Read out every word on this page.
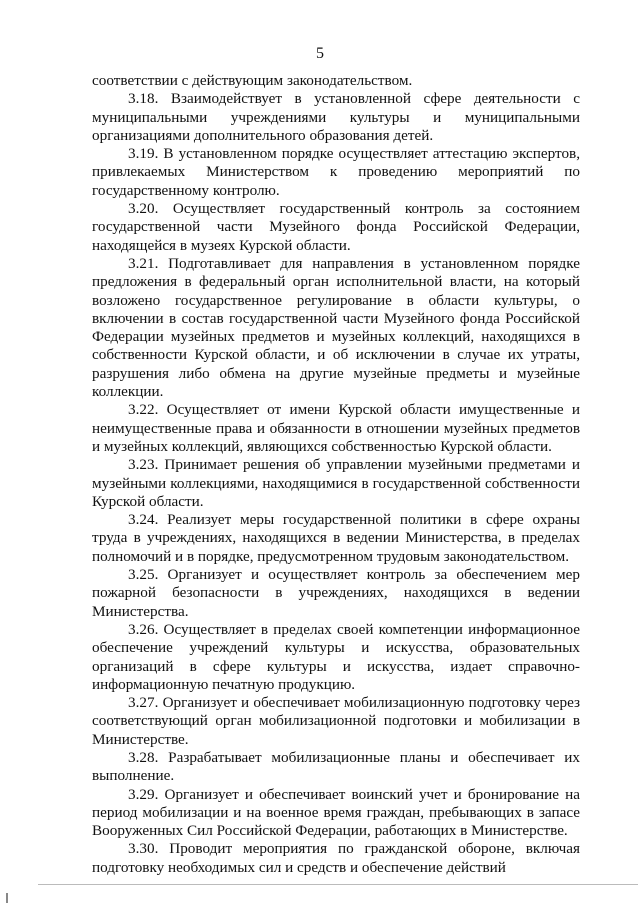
5

соответствии с действующим законодательством.

3.18. Взаимодействует в установленной сфере деятельности с муниципальными учреждениями культуры и муниципальными организациями дополнительного образования детей.

3.19. В установленном порядке осуществляет аттестацию экспертов, привлекаемых Министерством к проведению мероприятий по государственному контролю.

3.20. Осуществляет государственный контроль за состоянием государственной части Музейного фонда Российской Федерации, находящейся в музеях Курской области.

3.21. Подготавливает для направления в установленном порядке предложения в федеральный орган исполнительной власти, на который возложено государственное регулирование в области культуры, о включении в состав государственной части Музейного фонда Российской Федерации музейных предметов и музейных коллекций, находящихся в собственности Курской области, и об исключении в случае их утраты, разрушения либо обмена на другие музейные предметы и музейные коллекции.

3.22. Осуществляет от имени Курской области имущественные и неимущественные права и обязанности в отношении музейных предметов и музейных коллекций, являющихся собственностью Курской области.

3.23. Принимает решения об управлении музейными предметами и музейными коллекциями, находящимися в государственной собственности Курской области.

3.24. Реализует меры государственной политики в сфере охраны труда в учреждениях, находящихся в ведении Министерства, в пределах полномочий и в порядке, предусмотренном трудовым законодательством.

3.25. Организует и осуществляет контроль за обеспечением мер пожарной безопасности в учреждениях, находящихся в ведении Министерства.

3.26. Осуществляет в пределах своей компетенции информационное обеспечение учреждений культуры и искусства, образовательных организаций в сфере культуры и искусства, издает справочно-информационную печатную продукцию.

3.27. Организует и обеспечивает мобилизационную подготовку через соответствующий орган мобилизационной подготовки и мобилизации в Министерстве.

3.28. Разрабатывает мобилизационные планы и обеспечивает их выполнение.

3.29. Организует и обеспечивает воинский учет и бронирование на период мобилизации и на военное время граждан, пребывающих в запасе Вооруженных Сил Российской Федерации, работающих в Министерстве.

3.30. Проводит мероприятия по гражданской обороне, включая подготовку необходимых сил и средств и обеспечение действий
